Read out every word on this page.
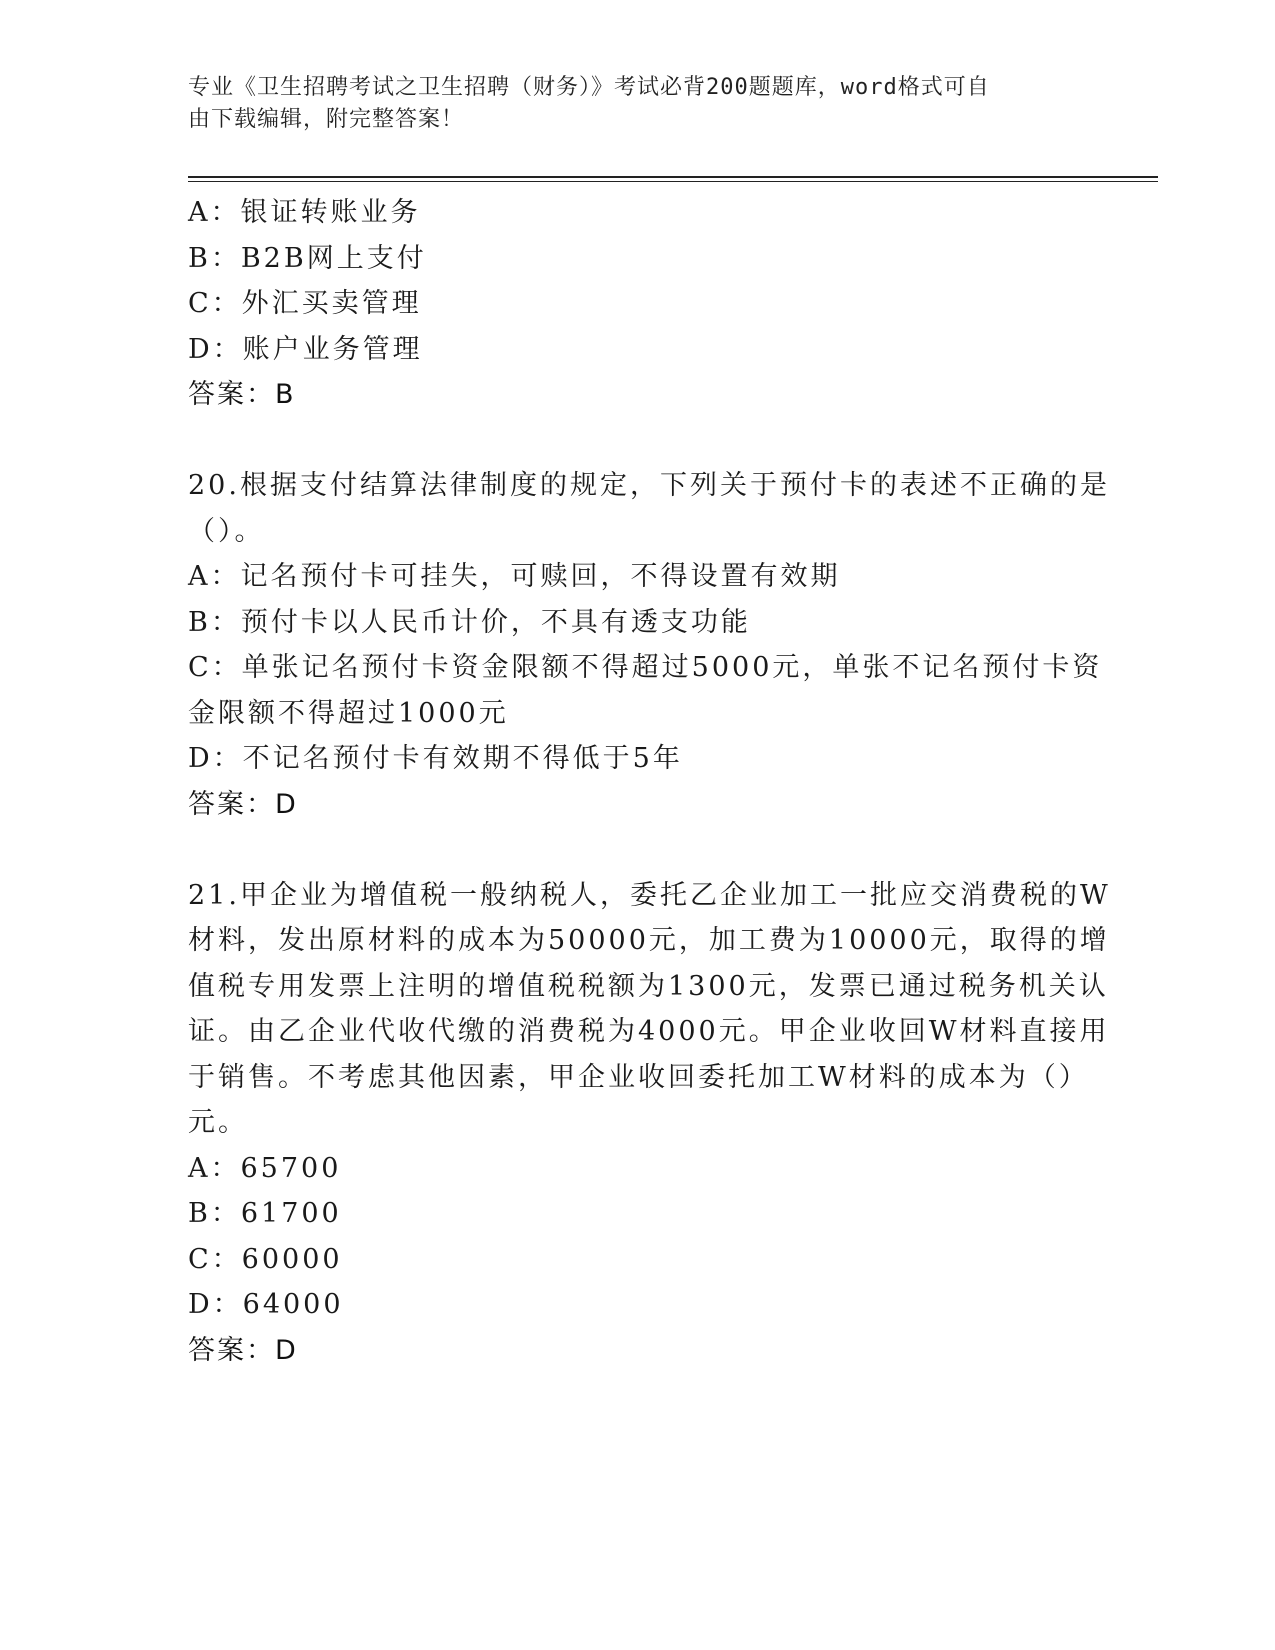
专业《卫生招聘考试之卫生招聘（财务）》考试必背200题题库，word格式可自
由下载编辑，附完整答案！
A：银证转账业务
B：B2B网上支付
C：外汇买卖管理
D：账户业务管理
答案：B
20.根据支付结算法律制度的规定，下列关于预付卡的表述不正确的是
（）。
A：记名预付卡可挂失，可赎回，不得设置有效期
B：预付卡以人民币计价，不具有透支功能
C：单张记名预付卡资金限额不得超过5000元，单张不记名预付卡资
金限额不得超过1000元
D：不记名预付卡有效期不得低于5年
答案：D
21.甲企业为增值税一般纳税人，委托乙企业加工一批应交消费税的W
材料，发出原材料的成本为50000元，加工费为10000元，取得的增
值税专用发票上注明的增值税税额为1300元，发票已通过税务机关认
证。由乙企业代收代缴的消费税为4000元。甲企业收回W材料直接用
于销售。不考虑其他因素，甲企业收回委托加工W材料的成本为（）
元。
A：65700
B：61700
C：60000
D：64000
答案：D
